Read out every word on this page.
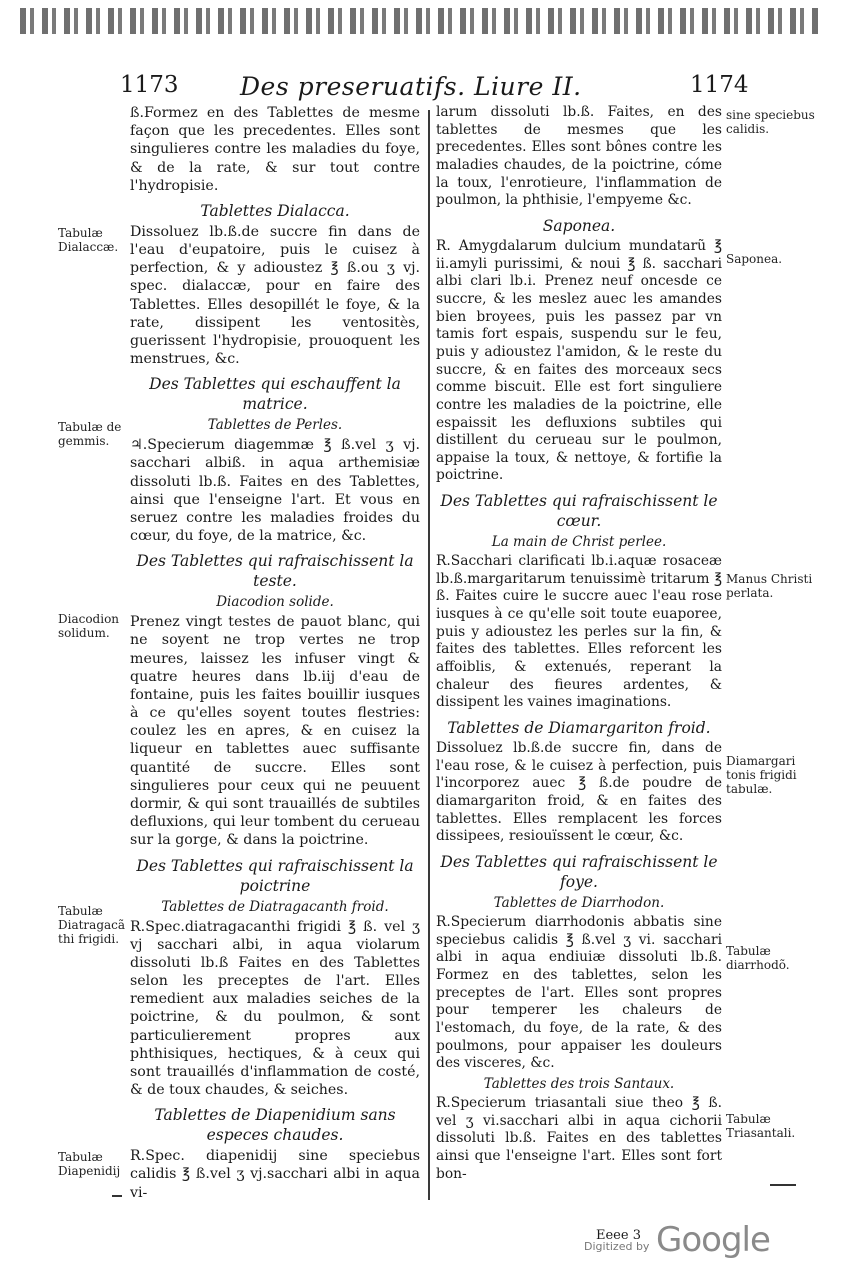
1173 Des preseruatifs. Liure II.	1174

ß.Formez en des Tablettes de mesme façon que les precedentes. Elles sont singulieres contre les maladies du foye, & de la rate, & sur tout contre l'hydropisie.

Tablettes Dialacca.

Dissoluez lb.ß.de succre fin dans de l'eau d'eupatoire, puis le cuisez à perfection, & y adioustez ℥ ß.ou ʒ vj. spec. dialaccæ, pour en faire des Tablettes. Elles desopillét le foye, & la rate, dissipent les ventositès, guerissent l'hydropisie, prouoquent les menstrues, &c.

Des Tablettes qui eschauffent la matrice.
Tablettes de Perles.

♃.Specierum diagemmæ ℥ ß.vel ʒ vj. sacchari albiß. in aqua arthemisiæ dissoluti lb.ß. Faites en des Tablettes, ainsi que l'enseigne l'art. Et vous en seruez contre les maladies froides du cœur, du foye, de la matrice, &c.

Des Tablettes qui rafraischissent la teste.
Diacodion solide.

Prenez vingt testes de pauot blanc, qui ne soyent ne trop vertes ne trop meures, laissez les infuser vingt & quatre heures dans lb.iij d'eau de fontaine, puis les faites bouillir iusques à ce qu'elles soyent toutes flestries: coulez les en apres, & en cuisez la liqueur en tablettes auec suffisante quantité de succre. Elles sont singulieres pour ceux qui ne peuuent dormir, & qui sont trauaillés de subtiles defluxions, qui leur tombent du cerueau sur la gorge, & dans la poictrine.

Des Tablettes qui rafraischissent la poictrine
Tablettes de Diatragacanth froid.

R.Spec.diatragacanthi frigidi ℥ ß. vel ʒ vj sacchari albi, in aqua violarum dissoluti lb.ß Faites en des Tablettes selon les preceptes de l'art. Elles remedient aux maladies seiches de la poictrine, & du poulmon, & sont particulierement propres aux phthisiques, hectiques, & à ceux qui sont trauaillés d'inflammation de costé, & de toux chaudes, & seiches.

Tablettes de Diapenidium sans especes chaudes.

R.Spec. diapenidij sine speciebus calidis ℥ ß.vel ʒ vj.sacchari albi in aqua vi-

larum dissoluti lb.ß. Faites, en des tablettes de mesmes que les precedentes. Elles sont bônes contre les maladies chaudes, de la poictrine, cóme la toux, l'enrotieure, l'inflammation de poulmon, la phthisie, l'empyeme &c.

Saponea.

R. Amygdalarum dulcium mundatarũ ℥ ii.amyli purissimi, & noui ℥ ß. sacchari albi clari lb.i. Prenez neuf oncesde ce succre, & les meslez auec les amandes bien broyees, puis les passez par vn tamis fort espais, suspendu sur le feu, puis y adioustez l'amidon, & le reste du succre, & en faites des morceaux secs comme biscuit. Elle est fort singuliere contre les maladies de la poictrine, elle espaissit les defluxions subtiles qui distillent du cerueau sur le poulmon, appaise la toux, & nettoye, & fortifie la poictrine.

Des Tablettes qui rafraischissent le cœur.
La main de Christ perlee.

R.Sacchari clarificati lb.i.aquæ rosaceæ lb.ß.margaritarum tenuissimè tritarum ℥ ß. Faites cuire le succre auec l'eau rose iusques à ce qu'elle soit toute euaporee, puis y adioustez les perles sur la fin, & faites des tablettes. Elles reforcent les affoiblis, & extenués, reperant la chaleur des fieures ardentes, & dissipent les vaines imaginations.

Tablettes de Diamargariton froid.

Dissoluez lb.ß.de succre fin, dans de l'eau rose, & le cuisez à perfection, puis l'incorporez auec ℥ ß.de poudre de diamargariton froid, & en faites des tablettes. Elles remplacent les forces dissipees, resiouïssent le cœur, &c.

Des Tablettes qui rafraischissent le foye.
Tablettes de Diarrhodon.

R.Specierum diarrhodonis abbatis sine speciebus calidis ℥ ß.vel ʒ vi. sacchari albi in aqua endiuiæ dissoluti lb.ß. Formez en des tablettes, selon les preceptes de l'art. Elles sont propres pour temperer les chaleurs de l'estomach, du foye, de la rate, & des poulmons, pour appaiser les douleurs des visceres, &c.

Tablettes des trois Santaux.

R.Specierum triasantali siue theo ℥ ß. vel ʒ vi.sacchari albi in aqua cichorii dissoluti lb.ß. Faites en des tablettes ainsi que l'enseigne l'art. Elles sont fort bon-

Tabulæ Dialaccæ.
Tabulæ de gemmis.
Diacodion solidum.
Tabulæ Diatragacã thi frigidi.
Tabulæ Diapenidij
sine speciebus calidis.
Saponea.
Manus Christi perlata.
Diamargari tonis frigidi tabulæ.
Tabulæ diarrhodõ.
Tabulæ Triasantali.
Eeee 3
Digitized by Google
